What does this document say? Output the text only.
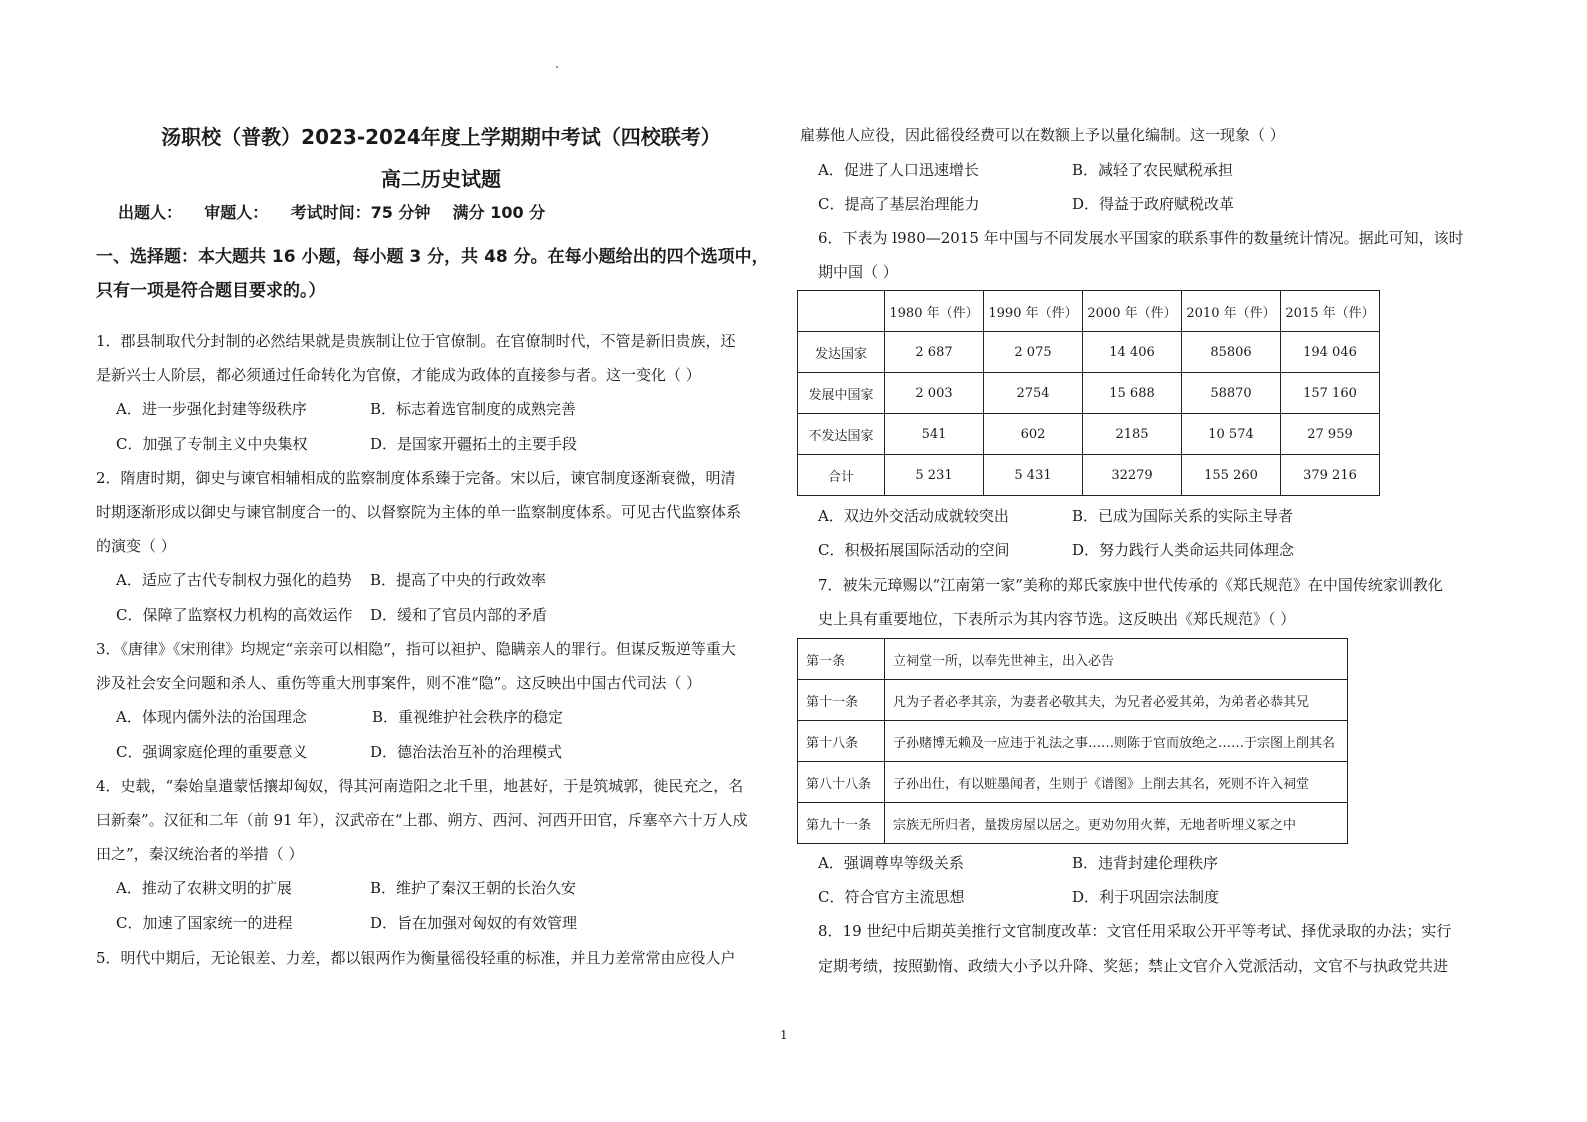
汤职校（普教）2023-2024年度上学期期中考试（四校联考）
高二历史试题
出题人：    审题人：    考试时间：75 分钟    满分 100 分
一、选择题：本大题共 16 小题，每小题 3 分，共 48 分。在每小题给出的四个选项中，
只有一项是符合题目要求的。）
1．郡县制取代分封制的必然结果就是贵族制让位于官僚制。在官僚制时代，不管是新旧贵族，还
是新兴士人阶层，都必须通过任命转化为官僚，才能成为政体的直接参与者。这一变化（ ）
A．进一步强化封建等级秩序	B．标志着选官制度的成熟完善
C．加强了专制主义中央集权	D．是国家开疆拓土的主要手段
2．隋唐时期，御史与谏官相辅相成的监察制度体系臻于完备。宋以后，谏官制度逐渐衰微，明清
时期逐渐形成以御史与谏官制度合一的、以督察院为主体的单一监察制度体系。可见古代监察体系
的演变（ ）
A．适应了古代专制权力强化的趋势 B．提高了中央的行政效率
C．保障了监察权力机构的高效运作 D．缓和了官员内部的矛盾
3．《唐律》《宋刑律》均规定“亲亲可以相隐”，指可以袒护、隐瞒亲人的罪行。但谋反叛逆等重大
涉及社会安全问题和杀人、重伤等重大刑事案件，则不准“隐”。这反映出中国古代司法（ ）
A．体现内儒外法的治国理念	B．重视维护社会秩序的稳定
C．强调家庭伦理的重要意义	D．德治法治互补的治理模式
4．史载，“秦始皇遣蒙恬攘却匈奴，得其河南造阳之北千里，地甚好，于是筑城郭，徙民充之，名
曰新秦”。汉征和二年（前 91 年），汉武帝在“上郡、朔方、西河、河西开田官，斥塞卒六十万人戍
田之”，秦汉统治者的举措（ ）
A．推动了农耕文明的扩展	B．维护了秦汉王朝的长治久安
C．加速了国家统一的进程	D．旨在加强对匈奴的有效管理
5．明代中期后，无论银差、力差，都以银两作为衡量徭役轻重的标准，并且力差常常由应役人户
雇募他人应役，因此徭役经费可以在数额上予以量化编制。这一现象（ ）
A．促进了人口迅速增长	B．减轻了农民赋税承担
C．提高了基层治理能力	D．得益于政府赋税改革
6．下表为 l980—2015 年中国与不同发展水平国家的联系事件的数量统计情况。据此可知，该时
期中国（ ）
	1980 年（件）	1990 年（件）	2000 年（件）	2010 年（件）	2015 年（件）
发达国家	2 687	2 075	14 406	85806	194 046
发展中国家	2 003	2754	15 688	58870	157 160
不发达国家	541	602	2185	10 574	27 959
合计	5 231	5 431	32279	155 260	379 216
A．双边外交活动成就较突出	B．已成为国际关系的实际主导者
C．积极拓展国际活动的空间	D．努力践行人类命运共同体理念
7．被朱元璋赐以“江南第一家”美称的郑氏家族中世代传承的《郑氏规范》在中国传统家训教化
史上具有重要地位，下表所示为其内容节选。这反映出《郑氏规范》（ ）
第一条	立祠堂一所，以奉先世神主，出入必告
第十一条	凡为子者必孝其亲，为妻者必敬其夫，为兄者必爱其弟，为弟者必恭其兄
第十八条	子孙赌博无赖及一应违于礼法之事……则陈于官而放绝之……于宗图上削其名
第八十八条	子孙出仕，有以赃墨闻者，生则于《谱图》上削去其名，死则不许入祠堂
第九十一条	宗族无所归者，量拨房屋以居之。更劝勿用火葬，无地者听埋义冢之中
A．强调尊卑等级关系	B．违背封建伦理秩序
C．符合官方主流思想	D．利于巩固宗法制度
8．19 世纪中后期英美推行文官制度改革：文官任用采取公开平等考试、择优录取的办法；实行
定期考绩，按照勤惰、政绩大小予以升降、奖惩；禁止文官介入党派活动，文官不与执政党共进
1
